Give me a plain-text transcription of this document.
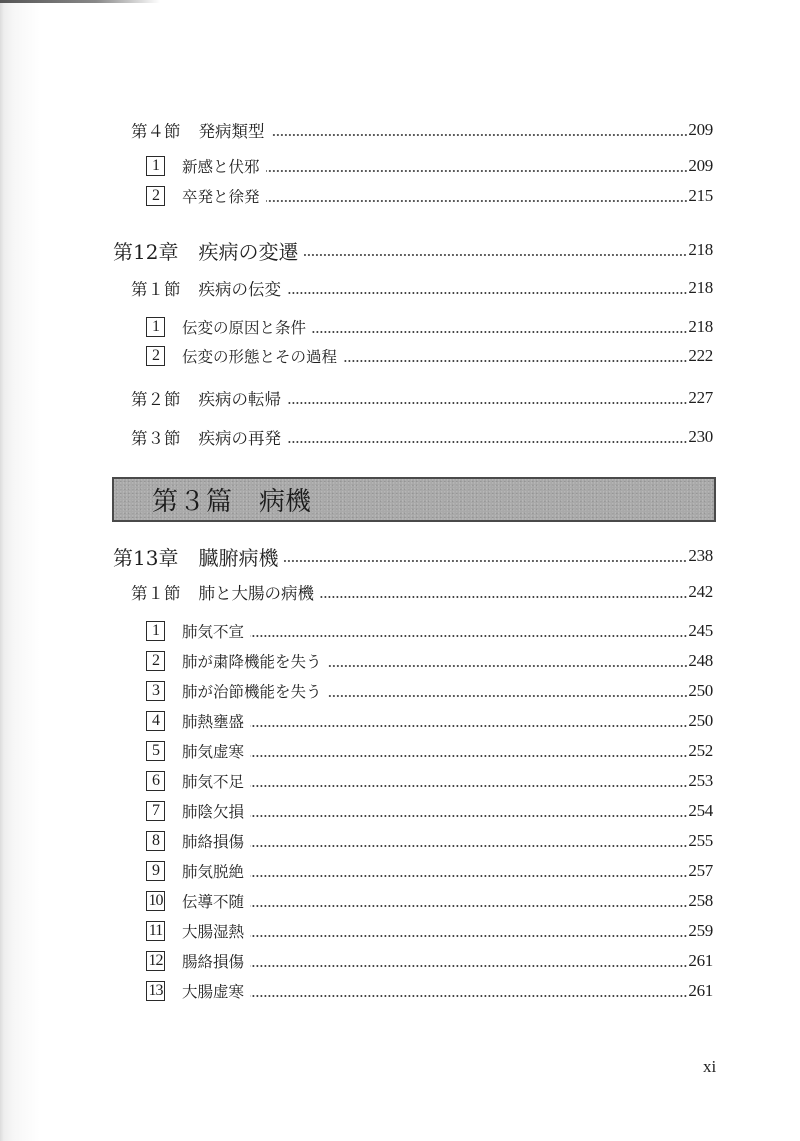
第４節 発病類型	209
1	新感と伏邪	209
2	卒発と徐発	215
第12章 疾病の変遷	218
第１節 疾病の伝変	218
1	伝変の原因と条件	218
2	伝変の形態とその過程	222
第２節 疾病の転帰	227
第３節 疾病の再発	230
第３篇 病機
第13章 臓腑病機	238
第１節 肺と大腸の病機	242
1	肺気不宣	245
2	肺が粛降機能を失う	248
3	肺が治節機能を失う	250
4	肺熱壅盛	250
5	肺気虚寒	252
6	肺気不足	253
7	肺陰欠損	254
8	肺絡損傷	255
9	肺気脱絶	257
10 伝導不随	258
11 大腸湿熱	259
12 腸絡損傷	261
13 大腸虚寒	261
xi
